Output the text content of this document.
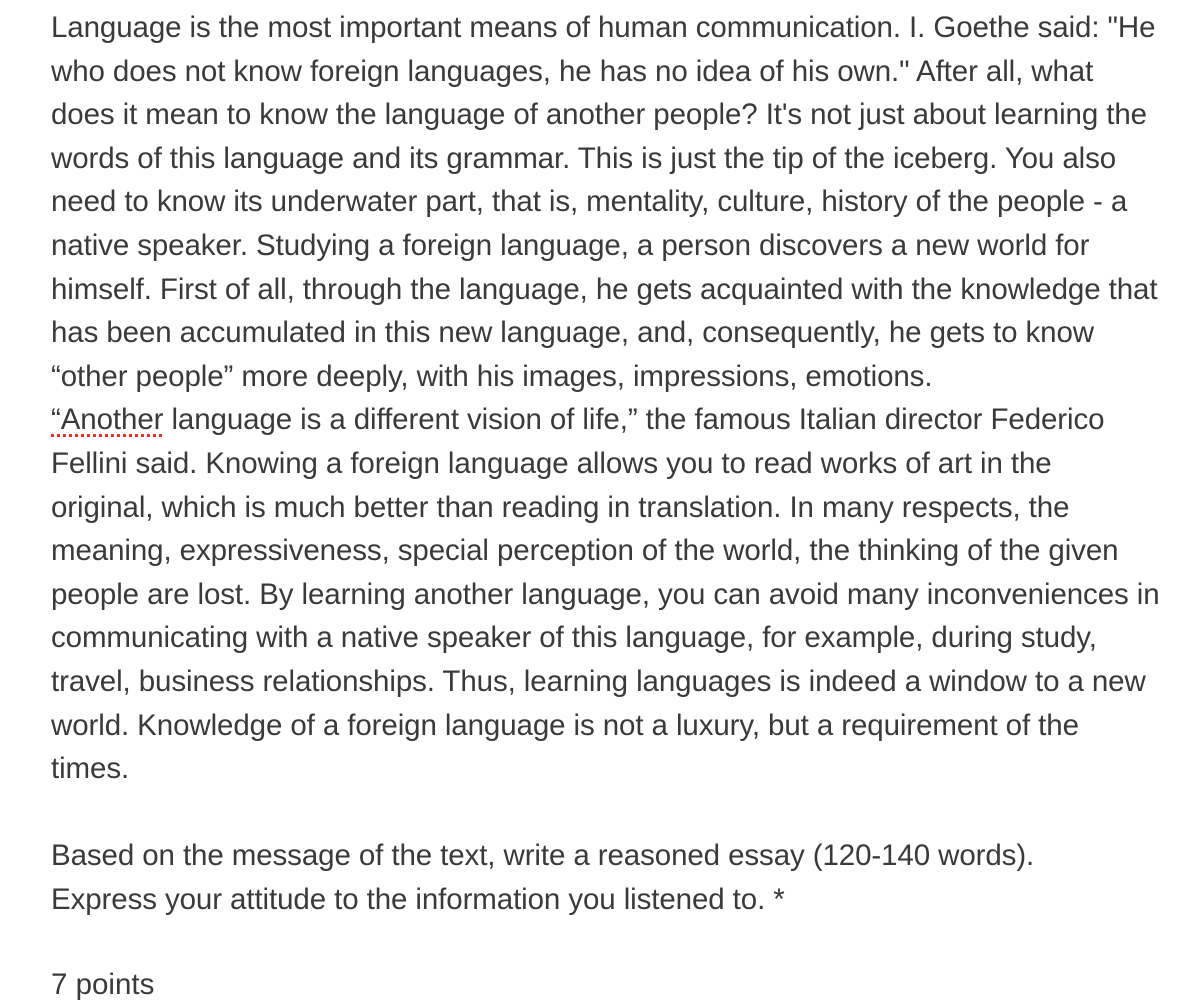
Language is the most important means of human communication. I. Goethe said: "He who does not know foreign languages, he has no idea of his own." After all, what does it mean to know the language of another people? It's not just about learning the words of this language and its grammar. This is just the tip of the iceberg. You also need to know its underwater part, that is, mentality, culture, history of the people - a native speaker. Studying a foreign language, a person discovers a new world for himself. First of all, through the language, he gets acquainted with the knowledge that has been accumulated in this new language, and, consequently, he gets to know “other people” more deeply, with his images, impressions, emotions.

“Another language is a different vision of life,” the famous Italian director Federico Fellini said. Knowing a foreign language allows you to read works of art in the original, which is much better than reading in translation. In many respects, the meaning, expressiveness, special perception of the world, the thinking of the given people are lost. By learning another language, you can avoid many inconveniences in communicating with a native speaker of this language, for example, during study, travel, business relationships. Thus, learning languages is indeed a window to a new world. Knowledge of a foreign language is not a luxury, but a requirement of the times.

Based on the message of the text, write a reasoned essay (120-140 words).
Express your attitude to the information you listened to. *

7 points
